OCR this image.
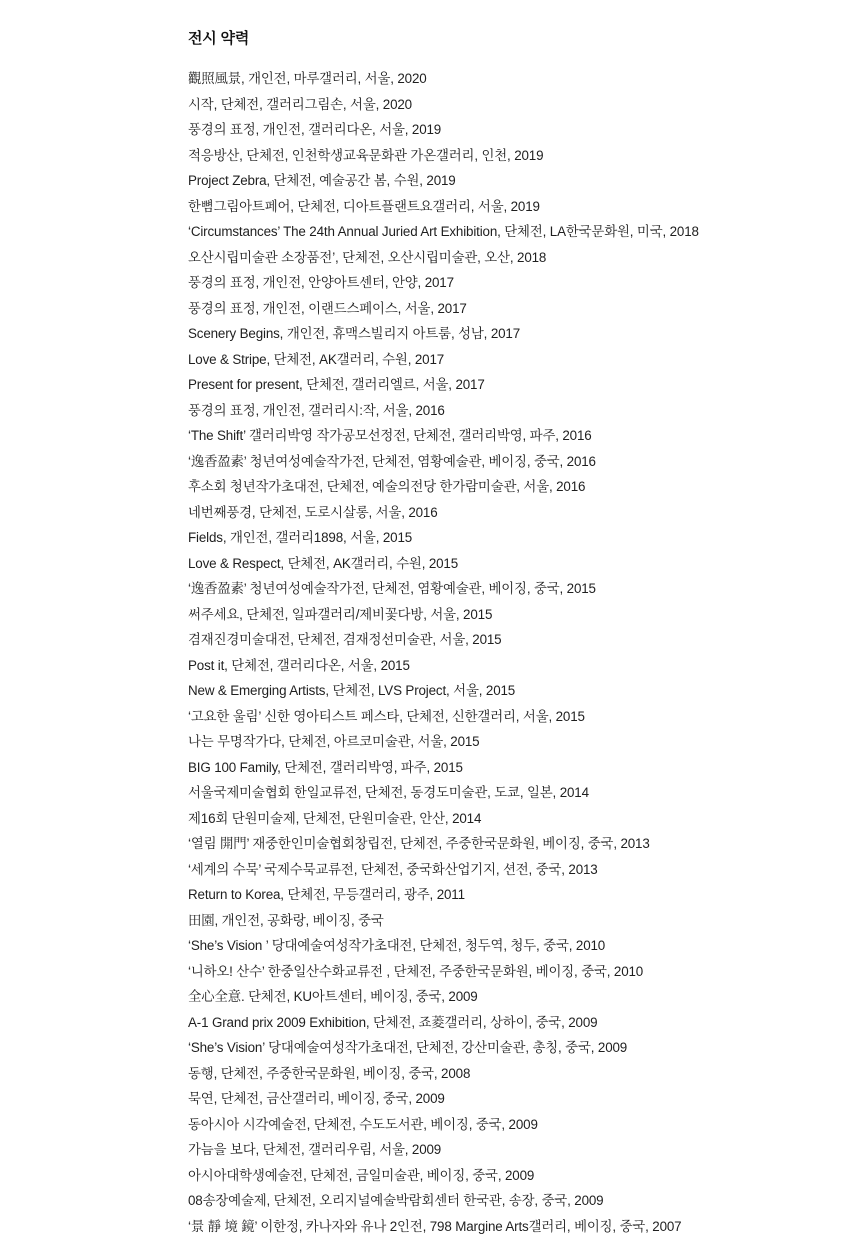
전시 약력
觀照風景, 개인전, 마루갤러리, 서울, 2020
시작, 단체전, 갤러리그림손, 서울, 2020
풍경의 표정, 개인전, 갤러리다온, 서울, 2019
적응방산, 단체전, 인천학생교육문화관 가온갤러리, 인천, 2019
Project Zebra, 단체전, 예술공간 봄, 수원, 2019
한뼘그림아트페어, 단체전, 디아트플랜트요갤러리, 서울, 2019
‘Circumstances’ The 24th Annual Juried Art Exhibition, 단체전, LA한국문화원, 미국, 2018
오산시립미술관 소장품전’, 단체전, 오산시립미술관, 오산, 2018
풍경의 표정, 개인전, 안양아트센터, 안양, 2017
풍경의 표정, 개인전, 이랜드스페이스, 서울, 2017
Scenery Begins, 개인전, 휴맥스빌리지 아트룸, 성남, 2017
Love & Stripe, 단체전, AK갤러리, 수원, 2017
Present for present, 단체전, 갤러리엘르, 서울, 2017
풍경의 표정, 개인전, 갤러리시:작, 서울, 2016
‘The Shift’ 갤러리박영 작가공모선정전, 단체전, 갤러리박영, 파주, 2016
‘逸香盈素’ 청년여성예술작가전, 단체전, 염황예술관, 베이징, 중국, 2016
후소회 청년작가초대전, 단체전, 예술의전당 한가람미술관, 서울, 2016
네번째풍경, 단체전, 도로시살롱, 서울, 2016
Fields, 개인전, 갤러리1898, 서울, 2015
Love & Respect, 단체전, AK갤러리, 수원, 2015
‘逸香盈素’ 청년여성예술작가전, 단체전, 염황예술관, 베이징, 중국, 2015
써주세요, 단체전, 일파갤러리/제비꽃다방, 서울, 2015
겸재진경미술대전, 단체전, 겸재정선미술관, 서울, 2015
Post it, 단체전, 갤러리다온, 서울, 2015
New & Emerging Artists, 단체전, LVS Project, 서울, 2015
‘고요한 울림’ 신한 영아티스트 페스타, 단체전, 신한갤러리, 서울, 2015
나는 무명작가다, 단체전, 아르코미술관, 서울, 2015
BIG 100 Family, 단체전, 갤러리박영, 파주, 2015
서울국제미술협회 한일교류전, 단체전, 동경도미술관, 도쿄, 일본, 2014
제16회 단원미술제, 단체전, 단원미술관, 안산, 2014
‘열림 開門’ 재중한인미술협회창립전, 단체전, 주중한국문화원, 베이징, 중국, 2013
‘세계의 수묵’ 국제수묵교류전, 단체전, 중국화산업기지, 션전, 중국, 2013
Return to Korea, 단체전, 무등갤러리, 광주, 2011
田園, 개인전, 공화랑, 베이징, 중국
‘She’s Vision ’ 당대예술여성작가초대전, 단체전, 청두역, 청두, 중국, 2010
‘니하오! 산수’ 한중일산수화교류전 , 단체전, 주중한국문화원, 베이징, 중국, 2010
全心全意. 단체전, KU아트센터, 베이징, 중국, 2009
A-1 Grand prix 2009 Exhibition, 단체전, 죠菱갤러리, 상하이, 중국, 2009
‘She’s Vision’ 당대예술여성작가초대전, 단체전, 강산미술관, 총칭, 중국, 2009
동행, 단체전, 주중한국문화원, 베이징, 중국, 2008
묵연, 단체전, 금산갤러리, 베이징, 중국, 2009
동아시아 시각예술전, 단체전, 수도도서관, 베이징, 중국, 2009
가늠을 보다, 단체전, 갤러리우림, 서울, 2009
아시아대학생예술전, 단체전, 금일미술관, 베이징, 중국, 2009
08송장예술제, 단체전, 오리지널예술박람회센터 한국관, 송장, 중국, 2009
‘景 靜 境 鏡’ 이한정, 카나자와 유나 2인전, 798 Margine Arts갤러리, 베이징, 중국, 2007
